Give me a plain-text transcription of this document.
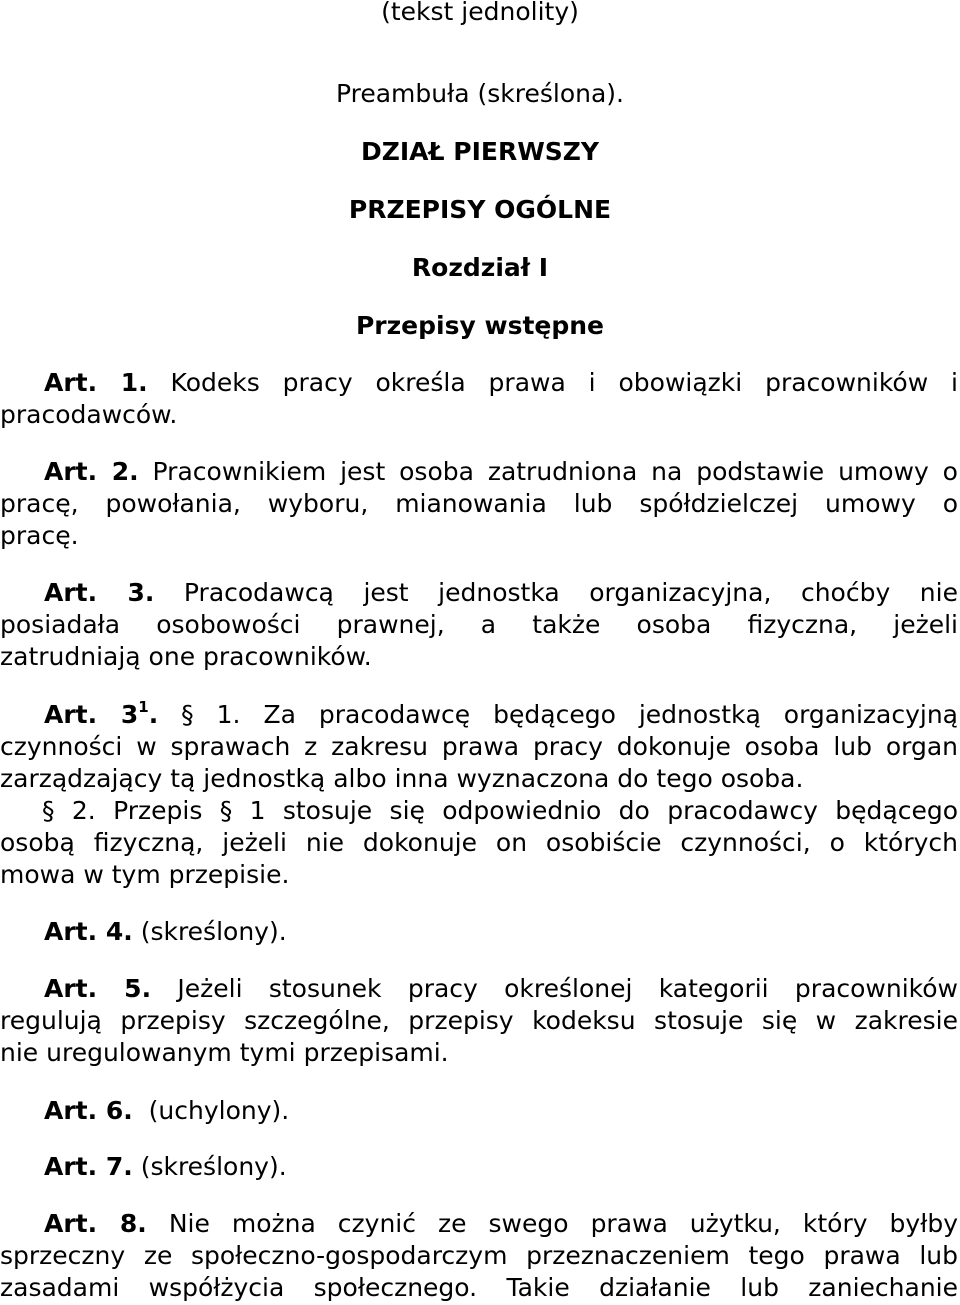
(tekst jednolity)
Preambuła (skreślona).
DZIAŁ PIERWSZY
PRZEPISY OGÓLNE
Rozdział I
Przepisy wstępne
Art. 1. Kodeks pracy określa prawa i obowiązki pracowników i
pracodawców.
Art. 2. Pracownikiem jest osoba zatrudniona na podstawie umowy o
pracę, powołania, wyboru, mianowania lub spółdzielczej umowy o
pracę.
Art. 3. Pracodawcą jest jednostka organizacyjna, choćby nie
posiadała osobowości prawnej, a także osoba fizyczna, jeżeli
zatrudniają one pracowników.
Art. $3^1$. § 1. Za pracodawcę będącego jednostką organizacyjną
czynności w sprawach z zakresu prawa pracy dokonuje osoba lub organ
zarządzający tą jednostką albo inna wyznaczona do tego osoba.
§ 2. Przepis § 1 stosuje się odpowiednio do pracodawcy będącego
osobą fizyczną, jeżeli nie dokonuje on osobiście czynności, o których
mowa w tym przepisie.
Art. 4. (skreślony).
Art. 5. Jeżeli stosunek pracy określonej kategorii pracowników
regulują przepisy szczególne, przepisy kodeksu stosuje się w zakresie
nie uregulowanym tymi przepisami.
Art. 6. (uchylony).
Art. 7. (skreślony).
Art. 8. Nie można czynić ze swego prawa użytku, który byłby
sprzeczny ze społeczno-gospodarczym przeznaczeniem tego prawa lub
zasadami współżycia społecznego. Takie działanie lub zaniechanie
